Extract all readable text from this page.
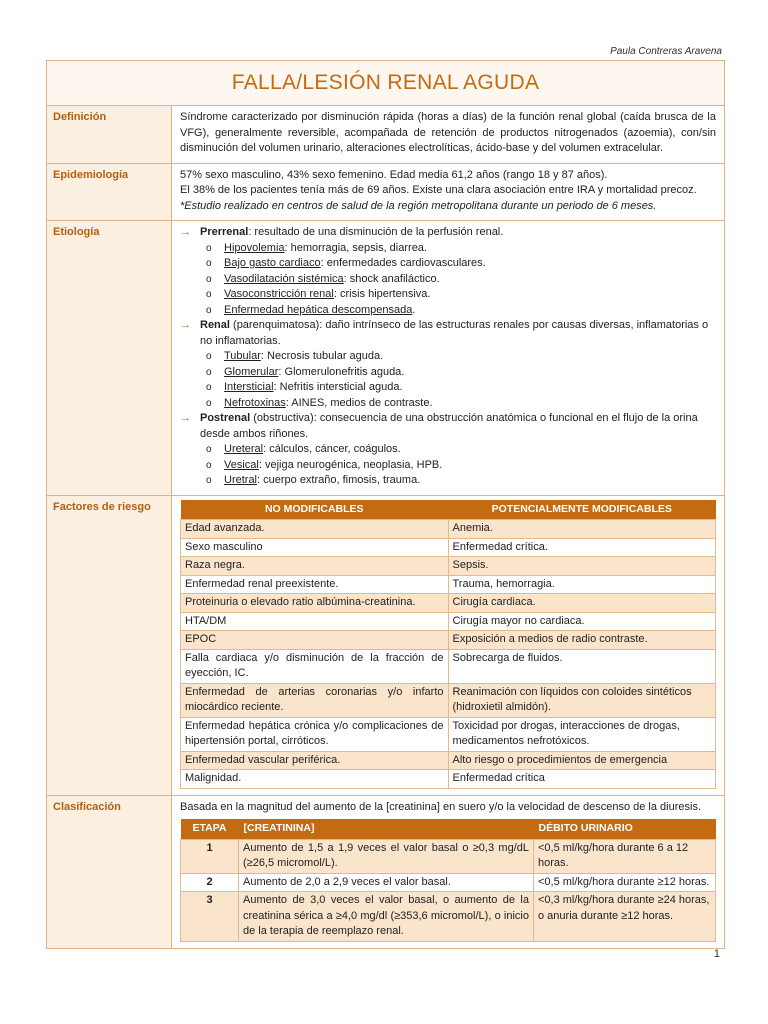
Paula Contreras Aravena
FALLA/LESIÓN RENAL AGUDA
Definición	Síndrome caracterizado por disminución rápida (horas a días) de la función renal global (caída brusca de la VFG), generalmente reversible, acompañada de retención de productos nitrogenados (azoemia), con/sin disminución del volumen urinario, alteraciones electrolíticas, ácido-base y del volumen extracelular.
Epidemiología	57% sexo masculino, 43% sexo femenino. Edad media 61,2 años (rango 18 y 87 años).
El 38% de los pacientes tenía más de 69 años. Existe una clara asociación entre IRA y mortalidad precoz.
*Estudio realizado en centros de salud de la región metropolitana durante un periodo de 6 meses.
Etiología	→ Prerrenal: resultado de una disminución de la perfusión renal.
o Hipovolemia: hemorragia, sepsis, diarrea.
o Bajo gasto cardiaco: enfermedades cardiovasculares.
o Vasodilatación sistémica: shock anafiláctico.
o Vasoconstricción renal: crisis hipertensiva.
o Enfermedad hepática descompensada.
→ Renal (parenquimatosa): daño intrínseco de las estructuras renales por causas diversas, inflamatorias o no inflamatorias.
o Tubular: Necrosis tubular aguda.
o Glomerular: Glomerulonefritis aguda.
o Intersticial: Nefritis intersticial aguda.
o Nefrotoxinas: AINES, medios de contraste.
→ Postrenal (obstructiva): consecuencia de una obstrucción anatómica o funcional en el flujo de la orina desde ambos riñones.
o Ureteral: cálculos, cáncer, coágulos.
o Vesical: vejiga neurogénica, neoplasia, HPB.
o Uretral: cuerpo extraño, fimosis, trauma.
Factores de riesgo	NO MODIFICABLES	POTENCIALMENTE MODIFICABLES
Edad avanzada.	Anemia.
Sexo masculino	Enfermedad crítica.
Raza negra.	Sepsis.
Enfermedad renal preexistente.	Trauma, hemorragia.
Proteinuria o elevado ratio albúmina-creatinina.	Cirugía cardiaca.
HTA/DM	Cirugía mayor no cardiaca.
EPOC	Exposición a medios de radio contraste.
Falla cardiaca y/o disminución de la fracción de eyección, IC.	Sobrecarga de fluidos.
Enfermedad de arterias coronarias y/o infarto miocárdico reciente.	Reanimación con líquidos con coloides sintéticos (hidroxietil almidón).
Enfermedad hepática crónica y/o complicaciones de hipertensión portal, cirróticos.	Toxicidad por drogas, interacciones de drogas, medicamentos nefrotóxicos.
Enfermedad vascular periférica.	Alto riesgo o procedimientos de emergencia
Malignidad.	Enfermedad crítica
Clasificación	Basada en la magnitud del aumento de la [creatinina] en suero y/o la velocidad de descenso de la diuresis.
ETAPA	[CREATININA]	DÉBITO URINARIO
1	Aumento de 1,5 a 1,9 veces el valor basal o ≥0,3 mg/dL (≥26,5 micromol/L).	<0,5 ml/kg/hora durante 6 a 12 horas.
2	Aumento de 2,0 a 2,9 veces el valor basal.	<0,5 ml/kg/hora durante ≥12 horas.
3	Aumento de 3,0 veces el valor basal, o aumento de la creatinina sérica a ≥4,0 mg/dl (≥353,6 micromol/L), o inicio de la terapia de reemplazo renal.	<0,3 ml/kg/hora durante ≥24 horas, o anuria durante ≥12 horas.
1
